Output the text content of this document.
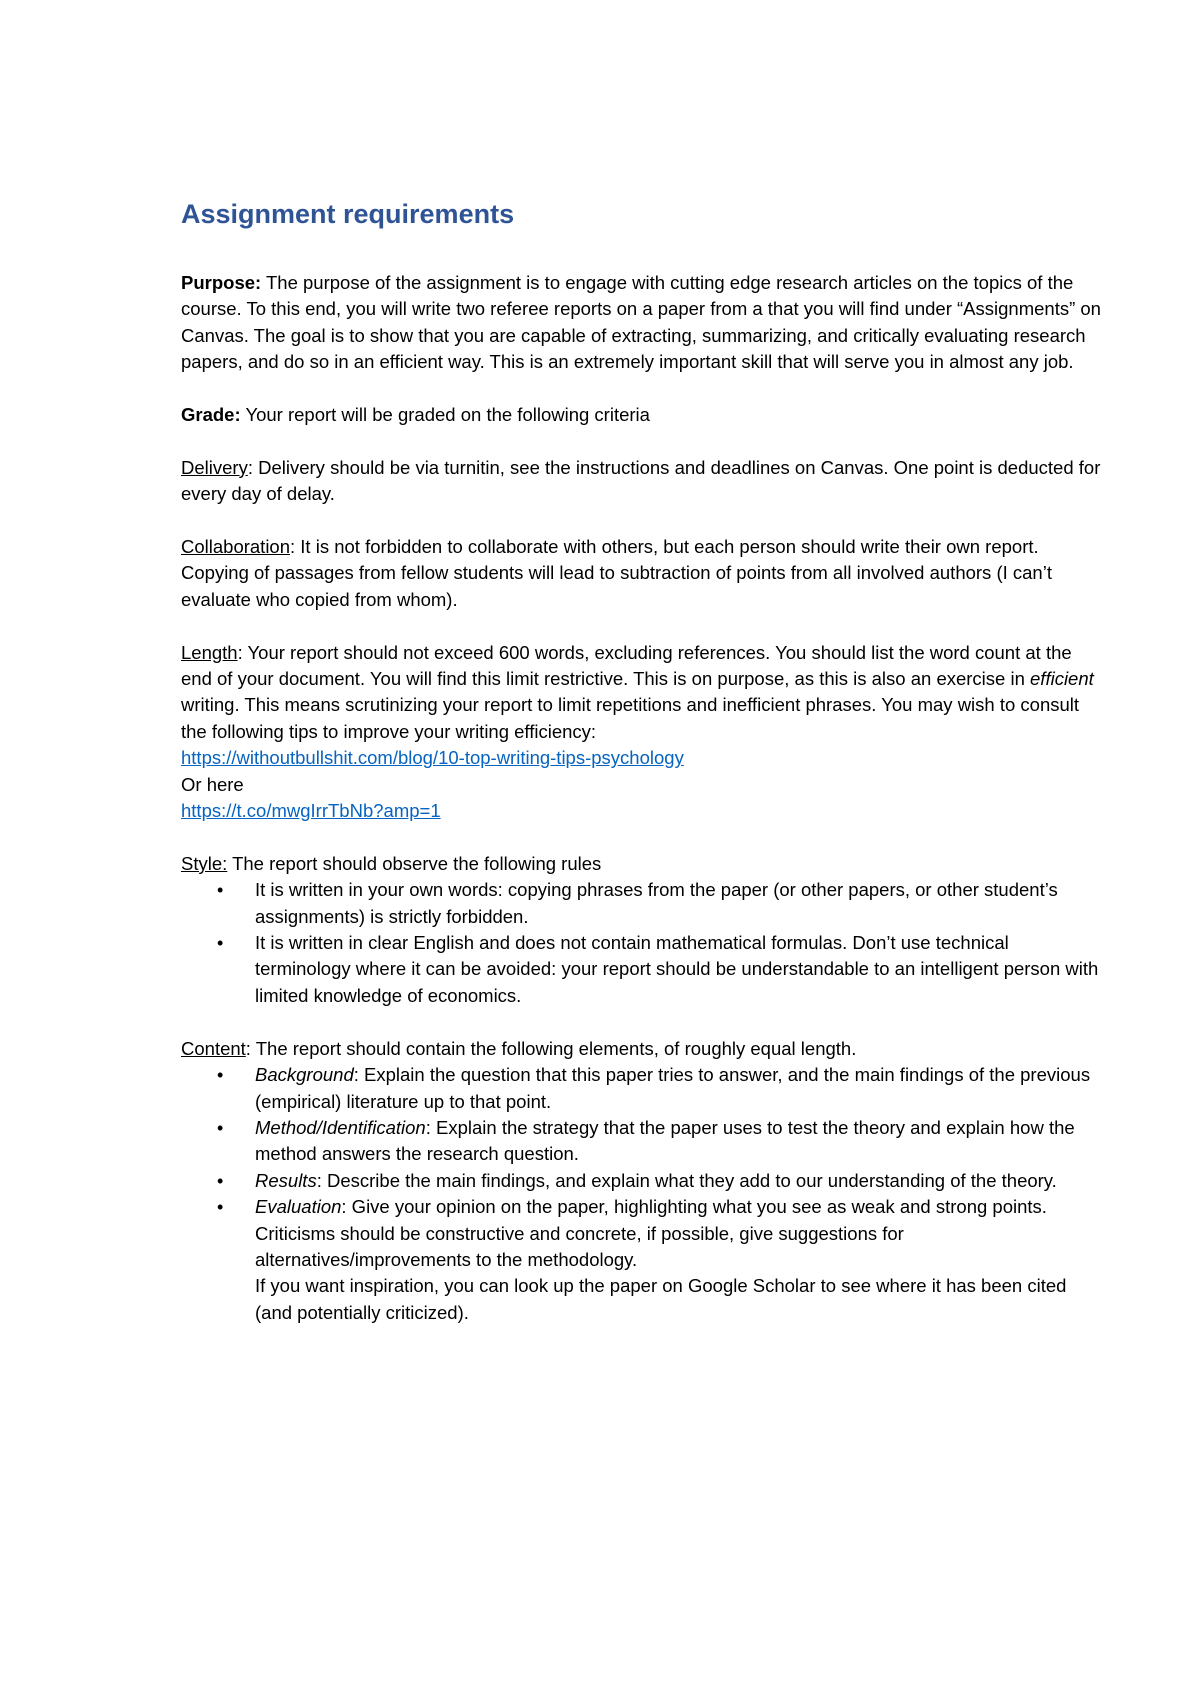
Assignment requirements

Purpose: The purpose of the assignment is to engage with cutting edge research articles on the topics of the course. To this end, you will write two referee reports on a paper from a that you will find under “Assignments” on Canvas. The goal is to show that you are capable of extracting, summarizing, and critically evaluating research papers, and do so in an efficient way. This is an extremely important skill that will serve you in almost any job.

Grade: Your report will be graded on the following criteria

Delivery: Delivery should be via turnitin, see the instructions and deadlines on Canvas. One point is deducted for every day of delay.

Collaboration: It is not forbidden to collaborate with others, but each person should write their own report. Copying of passages from fellow students will lead to subtraction of points from all involved authors (I can’t evaluate who copied from whom).

Length: Your report should not exceed 600 words, excluding references. You should list the word count at the end of your document. You will find this limit restrictive. This is on purpose, as this is also an exercise in efficient writing. This means scrutinizing your report to limit repetitions and inefficient phrases. You may wish to consult the following tips to improve your writing efficiency:
https://withoutbullshit.com/blog/10-top-writing-tips-psychology
Or here
https://t.co/mwgIrrTbNb?amp=1

Style: The report should observe the following rules
• It is written in your own words: copying phrases from the paper (or other papers, or other student’s assignments) is strictly forbidden.
• It is written in clear English and does not contain mathematical formulas. Don’t use technical terminology where it can be avoided: your report should be understandable to an intelligent person with limited knowledge of economics.
Content: The report should contain the following elements, of roughly equal length.
• Background: Explain the question that this paper tries to answer, and the main findings of the previous (empirical) literature up to that point.
• Method/Identification: Explain the strategy that the paper uses to test the theory and explain how the method answers the research question.
• Results: Describe the main findings, and explain what they add to our understanding of the theory.
• Evaluation: Give your opinion on the paper, highlighting what you see as weak and strong points. Criticisms should be constructive and concrete, if possible, give suggestions for alternatives/improvements to the methodology.
If you want inspiration, you can look up the paper on Google Scholar to see where it has been cited (and potentially criticized).
